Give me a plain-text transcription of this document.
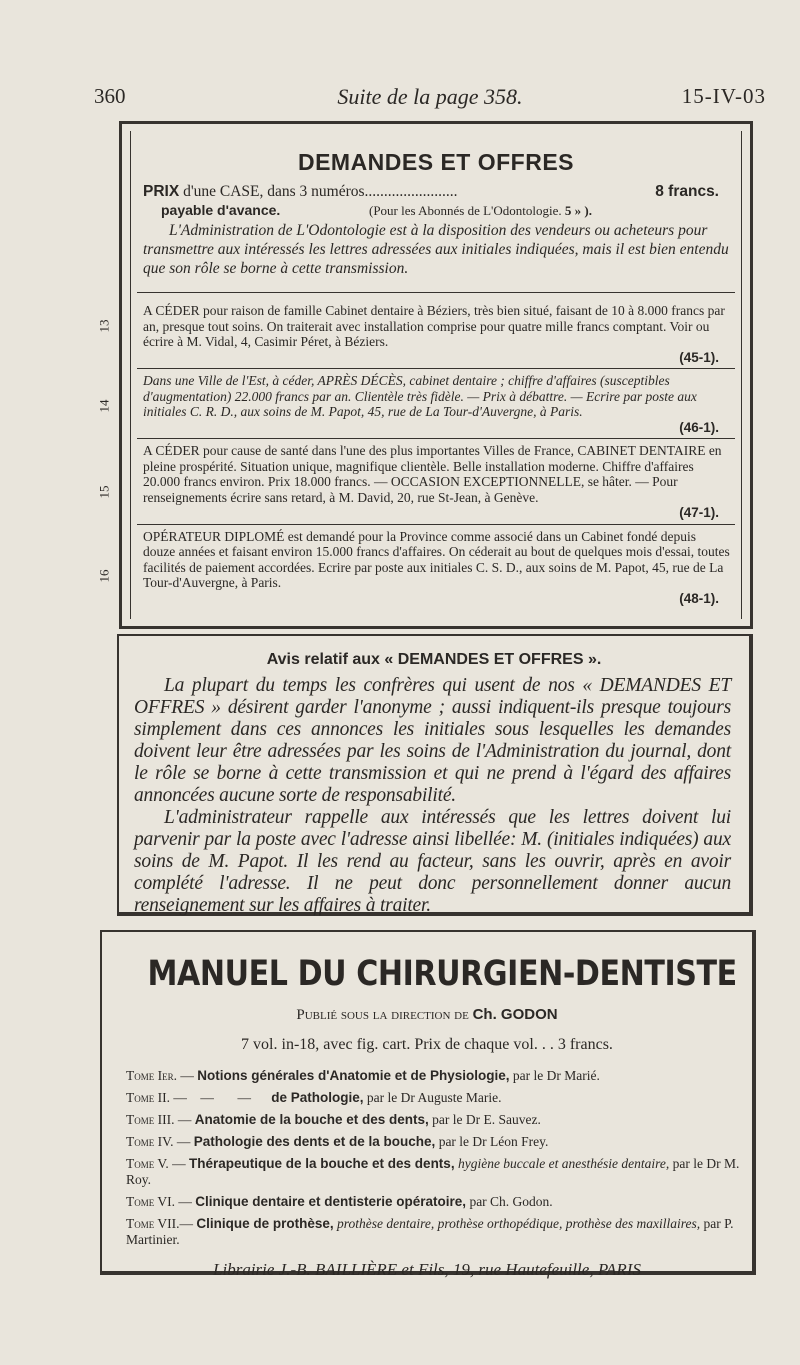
360	Suite de la page 358.	15-IV-03
DEMANDES ET OFFRES
PRIX d'une CASE, dans 3 numéros........................	8 francs.
payable d'avance.	(Pour les Abonnés de L'Odontologie. 5 » ).
L'Administration de L'Odontologie est à la disposition des vendeurs ou acheteurs pour transmettre aux intéressés les lettres adressées aux initiales indiquées, mais il est bien entendu que son rôle se borne à cette transmission.
A CÉDER pour raison de famille Cabinet dentaire à Béziers, très bien situé, faisant de 10 à 8.000 francs par an, presque tout soins. On traiterait avec installation comprise pour quatre mille francs comptant. Voir ou écrire à M. Vidal, 4, Casimir Péret, à Béziers.
(45-1).
Dans une Ville de l'Est, à céder, APRÈS DÉCÈS, cabinet dentaire ; chiffre d'affaires (susceptibles d'augmentation) 22.000 francs par an. Clientèle très fidèle. — Prix à débattre. — Ecrire par poste aux initiales C. R. D., aux soins de M. Papot, 45, rue de La Tour-d'Auvergne, à Paris.
(46-1).
A CÉDER pour cause de santé dans l'une des plus importantes Villes de France, CABINET DENTAIRE en pleine prospérité. Situation unique, magnifique clientèle. Belle installation moderne. Chiffre d'affaires 20.000 francs environ. Prix 18.000 francs. — OCCASION EXCEPTIONNELLE, se hâter. — Pour renseignements écrire sans retard, à M. David, 20, rue St-Jean, à Genève.
(47-1).
OPÉRATEUR DIPLOMÉ est demandé pour la Province comme associé dans un Cabinet fondé depuis douze années et faisant environ 15.000 francs d'affaires. On céderait au bout de quelques mois d'essai, toutes facilités de paiement accordées. Ecrire par poste aux initiales C. S. D., aux soins de M. Papot, 45, rue de La Tour-d'Auvergne, à Paris.
(48-1).
13
14
15
16
Avis relatif aux « DEMANDES ET OFFRES ».

La plupart du temps les confrères qui usent de nos « DEMANDES ET OFFRES » désirent garder l'anonyme ; aussi indiquent-ils presque toujours simplement dans ces annonces les initiales sous lesquelles les demandes doivent leur être adressées par les soins de l'Administration du journal, dont le rôle se borne à cette transmission et qui ne prend à l'égard des affaires annoncées aucune sorte de responsabilité.

L'administrateur rappelle aux intéressés que les lettres doivent lui parvenir par la poste avec l'adresse ainsi libellée: M. (initiales indiquées) aux soins de M. Papot. Il les rend au facteur, sans les ouvrir, après en avoir complété l'adresse. Il ne peut donc personnellement donner aucun renseignement sur les affaires à traiter.

MANUEL DU CHIRURGIEN-DENTISTE
Publié sous la direction de Ch. GODON
7 vol. in-18, avec fig. cart. Prix de chaque vol. . . 3 francs.
Tome Ier. — Notions générales d'Anatomie et de Physiologie, par le Dr Marié.
Tome II. —    —       —      de Pathologie, par le Dr Auguste Marie.
Tome III. — Anatomie de la bouche et des dents, par le Dr E. Sauvez.
Tome IV. — Pathologie des dents et de la bouche, par le Dr Léon Frey.
Tome V. — Thérapeutique de la bouche et des dents, hygiène buccale et anesthésie dentaire, par le Dr M. Roy.
Tome VI. — Clinique dentaire et dentisterie opératoire, par Ch. Godon.
Tome VII.— Clinique de prothèse, prothèse dentaire, prothèse orthopédique, prothèse des maxillaires, par P. Martinier.
Librairie J.-B. BAILLIÈRE et Fils, 19, rue Hautefeuille, PARIS
